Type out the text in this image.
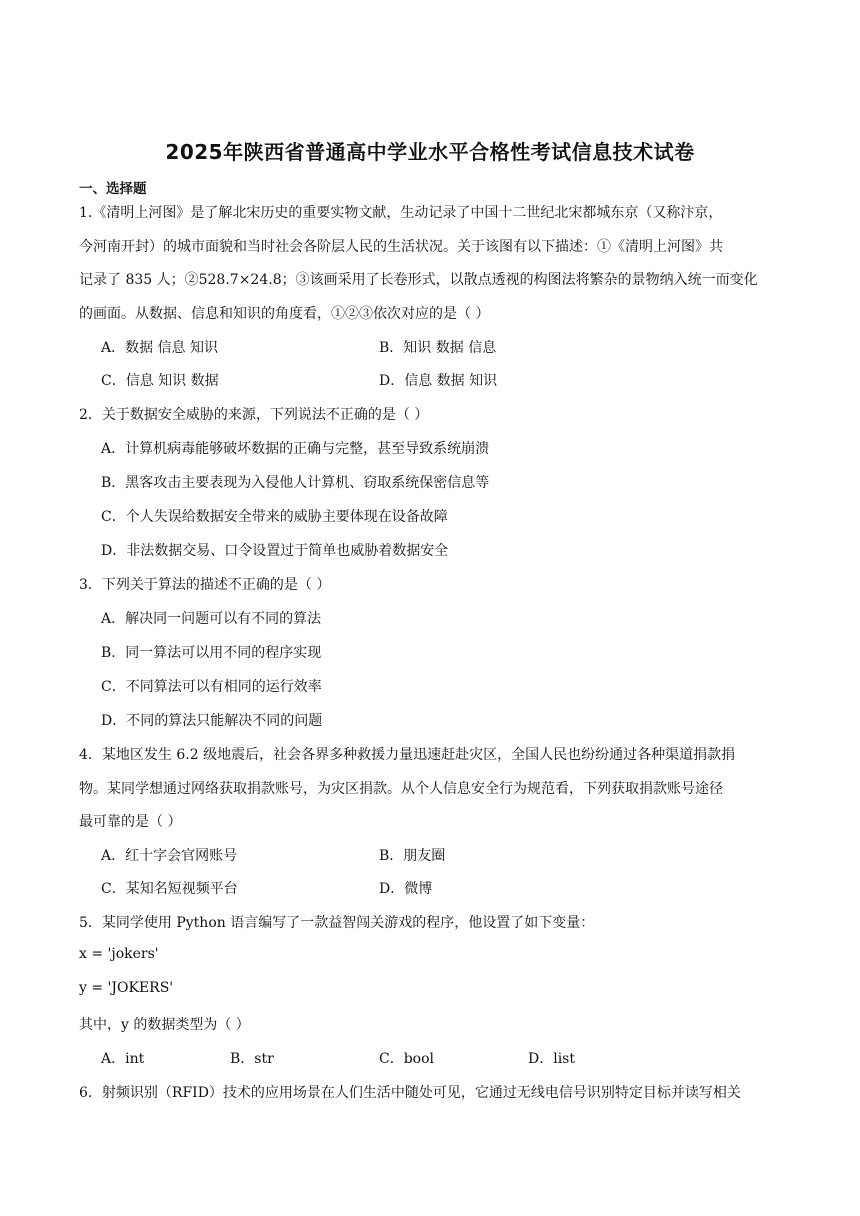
2025年陕西省普通高中学业水平合格性考试信息技术试卷
一、选择题
1.《清明上河图》是了解北宋历史的重要实物文献，生动记录了中国十二世纪北宋都城东京（又称汴京，
今河南开封）的城市面貌和当时社会各阶层人民的生活状况。关于该图有以下描述：①《清明上河图》共
记录了 835 人；②528.7×24.8；③该画采用了长卷形式，以散点透视的构图法将繁杂的景物纳入统一而变化
的画面。从数据、信息和知识的角度看，①②③依次对应的是（ ）
A．数据 信息 知识	B．知识 数据 信息
C．信息 知识 数据	D．信息 数据 知识
2．关于数据安全威胁的来源，下列说法不正确的是（ ）
A．计算机病毒能够破坏数据的正确与完整，甚至导致系统崩溃
B．黑客攻击主要表现为入侵他人计算机、窃取系统保密信息等
C．个人失误给数据安全带来的威胁主要体现在设备故障
D．非法数据交易、口令设置过于简单也威胁着数据安全
3．下列关于算法的描述不正确的是（ ）
A．解决同一问题可以有不同的算法
B．同一算法可以用不同的程序实现
C．不同算法可以有相同的运行效率
D．不同的算法只能解决不同的问题
4．某地区发生 6.2 级地震后，社会各界多种救援力量迅速赶赴灾区，全国人民也纷纷通过各种渠道捐款捐
物。某同学想通过网络获取捐款账号，为灾区捐款。从个人信息安全行为规范看，下列获取捐款账号途径
最可靠的是（ ）
A．红十字会官网账号	B．朋友圈
C．某知名短视频平台	D．微博
5．某同学使用 Python 语言编写了一款益智闯关游戏的程序，他设置了如下变量：
x = 'jokers'
y = 'JOKERS'
其中，y 的数据类型为（ ）
A．int	B．str	C．bool	D．list
6．射频识别（RFID）技术的应用场景在人们生活中随处可见，它通过无线电信号识别特定目标并读写相关
